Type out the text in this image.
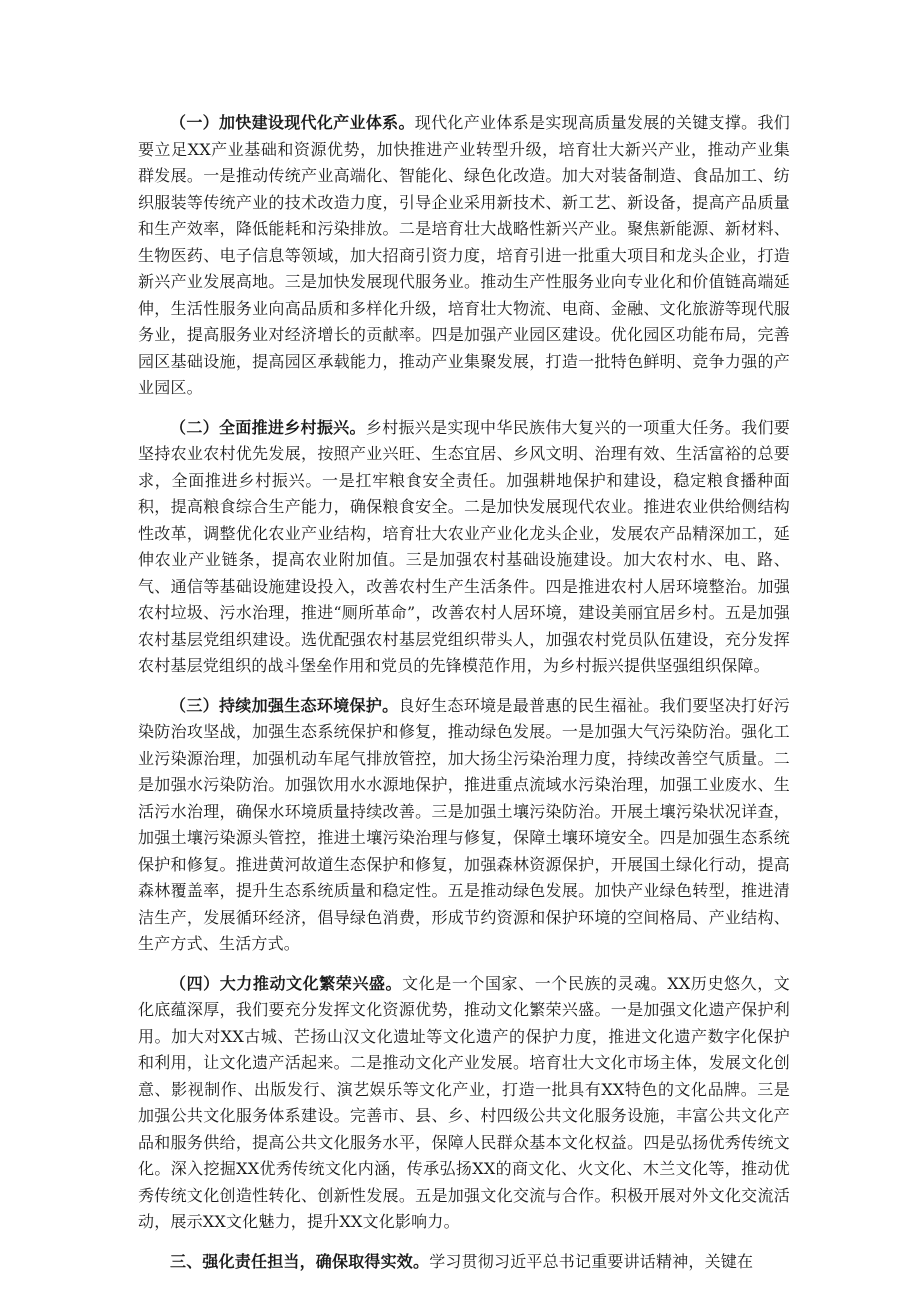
（一）加快建设现代化产业体系。现代化产业体系是实现高质量发展的关键支撑。我们要立足XX产业基础和资源优势，加快推进产业转型升级，培育壮大新兴产业，推动产业集群发展。一是推动传统产业高端化、智能化、绿色化改造。加大对装备制造、食品加工、纺织服装等传统产业的技术改造力度，引导企业采用新技术、新工艺、新设备，提高产品质量和生产效率，降低能耗和污染排放。二是培育壮大战略性新兴产业。聚焦新能源、新材料、生物医药、电子信息等领域，加大招商引资力度，培育引进一批重大项目和龙头企业，打造新兴产业发展高地。三是加快发展现代服务业。推动生产性服务业向专业化和价值链高端延伸，生活性服务业向高品质和多样化升级，培育壮大物流、电商、金融、文化旅游等现代服务业，提高服务业对经济增长的贡献率。四是加强产业园区建设。优化园区功能布局，完善园区基础设施，提高园区承载能力，推动产业集聚发展，打造一批特色鲜明、竞争力强的产业园区。

（二）全面推进乡村振兴。乡村振兴是实现中华民族伟大复兴的一项重大任务。我们要坚持农业农村优先发展，按照产业兴旺、生态宜居、乡风文明、治理有效、生活富裕的总要求，全面推进乡村振兴。一是扛牢粮食安全责任。加强耕地保护和建设，稳定粮食播种面积，提高粮食综合生产能力，确保粮食安全。二是加快发展现代农业。推进农业供给侧结构性改革，调整优化农业产业结构，培育壮大农业产业化龙头企业，发展农产品精深加工，延伸农业产业链条，提高农业附加值。三是加强农村基础设施建设。加大农村水、电、路、气、通信等基础设施建设投入，改善农村生产生活条件。四是推进农村人居环境整治。加强农村垃圾、污水治理，推进“厕所革命”，改善农村人居环境，建设美丽宜居乡村。五是加强农村基层党组织建设。选优配强农村基层党组织带头人，加强农村党员队伍建设，充分发挥农村基层党组织的战斗堡垒作用和党员的先锋模范作用，为乡村振兴提供坚强组织保障。

（三）持续加强生态环境保护。良好生态环境是最普惠的民生福祉。我们要坚决打好污染防治攻坚战，加强生态系统保护和修复，推动绿色发展。一是加强大气污染防治。强化工业污染源治理，加强机动车尾气排放管控，加大扬尘污染治理力度，持续改善空气质量。二是加强水污染防治。加强饮用水水源地保护，推进重点流域水污染治理，加强工业废水、生活污水治理，确保水环境质量持续改善。三是加强土壤污染防治。开展土壤污染状况详查，加强土壤污染源头管控，推进土壤污染治理与修复，保障土壤环境安全。四是加强生态系统保护和修复。推进黄河故道生态保护和修复，加强森林资源保护，开展国土绿化行动，提高森林覆盖率，提升生态系统质量和稳定性。五是推动绿色发展。加快产业绿色转型，推进清洁生产，发展循环经济，倡导绿色消费，形成节约资源和保护环境的空间格局、产业结构、生产方式、生活方式。

（四）大力推动文化繁荣兴盛。文化是一个国家、一个民族的灵魂。XX历史悠久，文化底蕴深厚，我们要充分发挥文化资源优势，推动文化繁荣兴盛。一是加强文化遗产保护利用。加大对XX古城、芒扬山汉文化遗址等文化遗产的保护力度，推进文化遗产数字化保护和利用，让文化遗产活起来。二是推动文化产业发展。培育壮大文化市场主体，发展文化创意、影视制作、出版发行、演艺娱乐等文化产业，打造一批具有XX特色的文化品牌。三是加强公共文化服务体系建设。完善市、县、乡、村四级公共文化服务设施，丰富公共文化产品和服务供给，提高公共文化服务水平，保障人民群众基本文化权益。四是弘扬优秀传统文化。深入挖掘XX优秀传统文化内涵，传承弘扬XX的商文化、火文化、木兰文化等，推动优秀传统文化创造性转化、创新性发展。五是加强文化交流与合作。积极开展对外文化交流活动，展示XX文化魅力，提升XX文化影响力。

三、强化责任担当，确保取得实效。学习贯彻习近平总书记重要讲话精神，关键在
